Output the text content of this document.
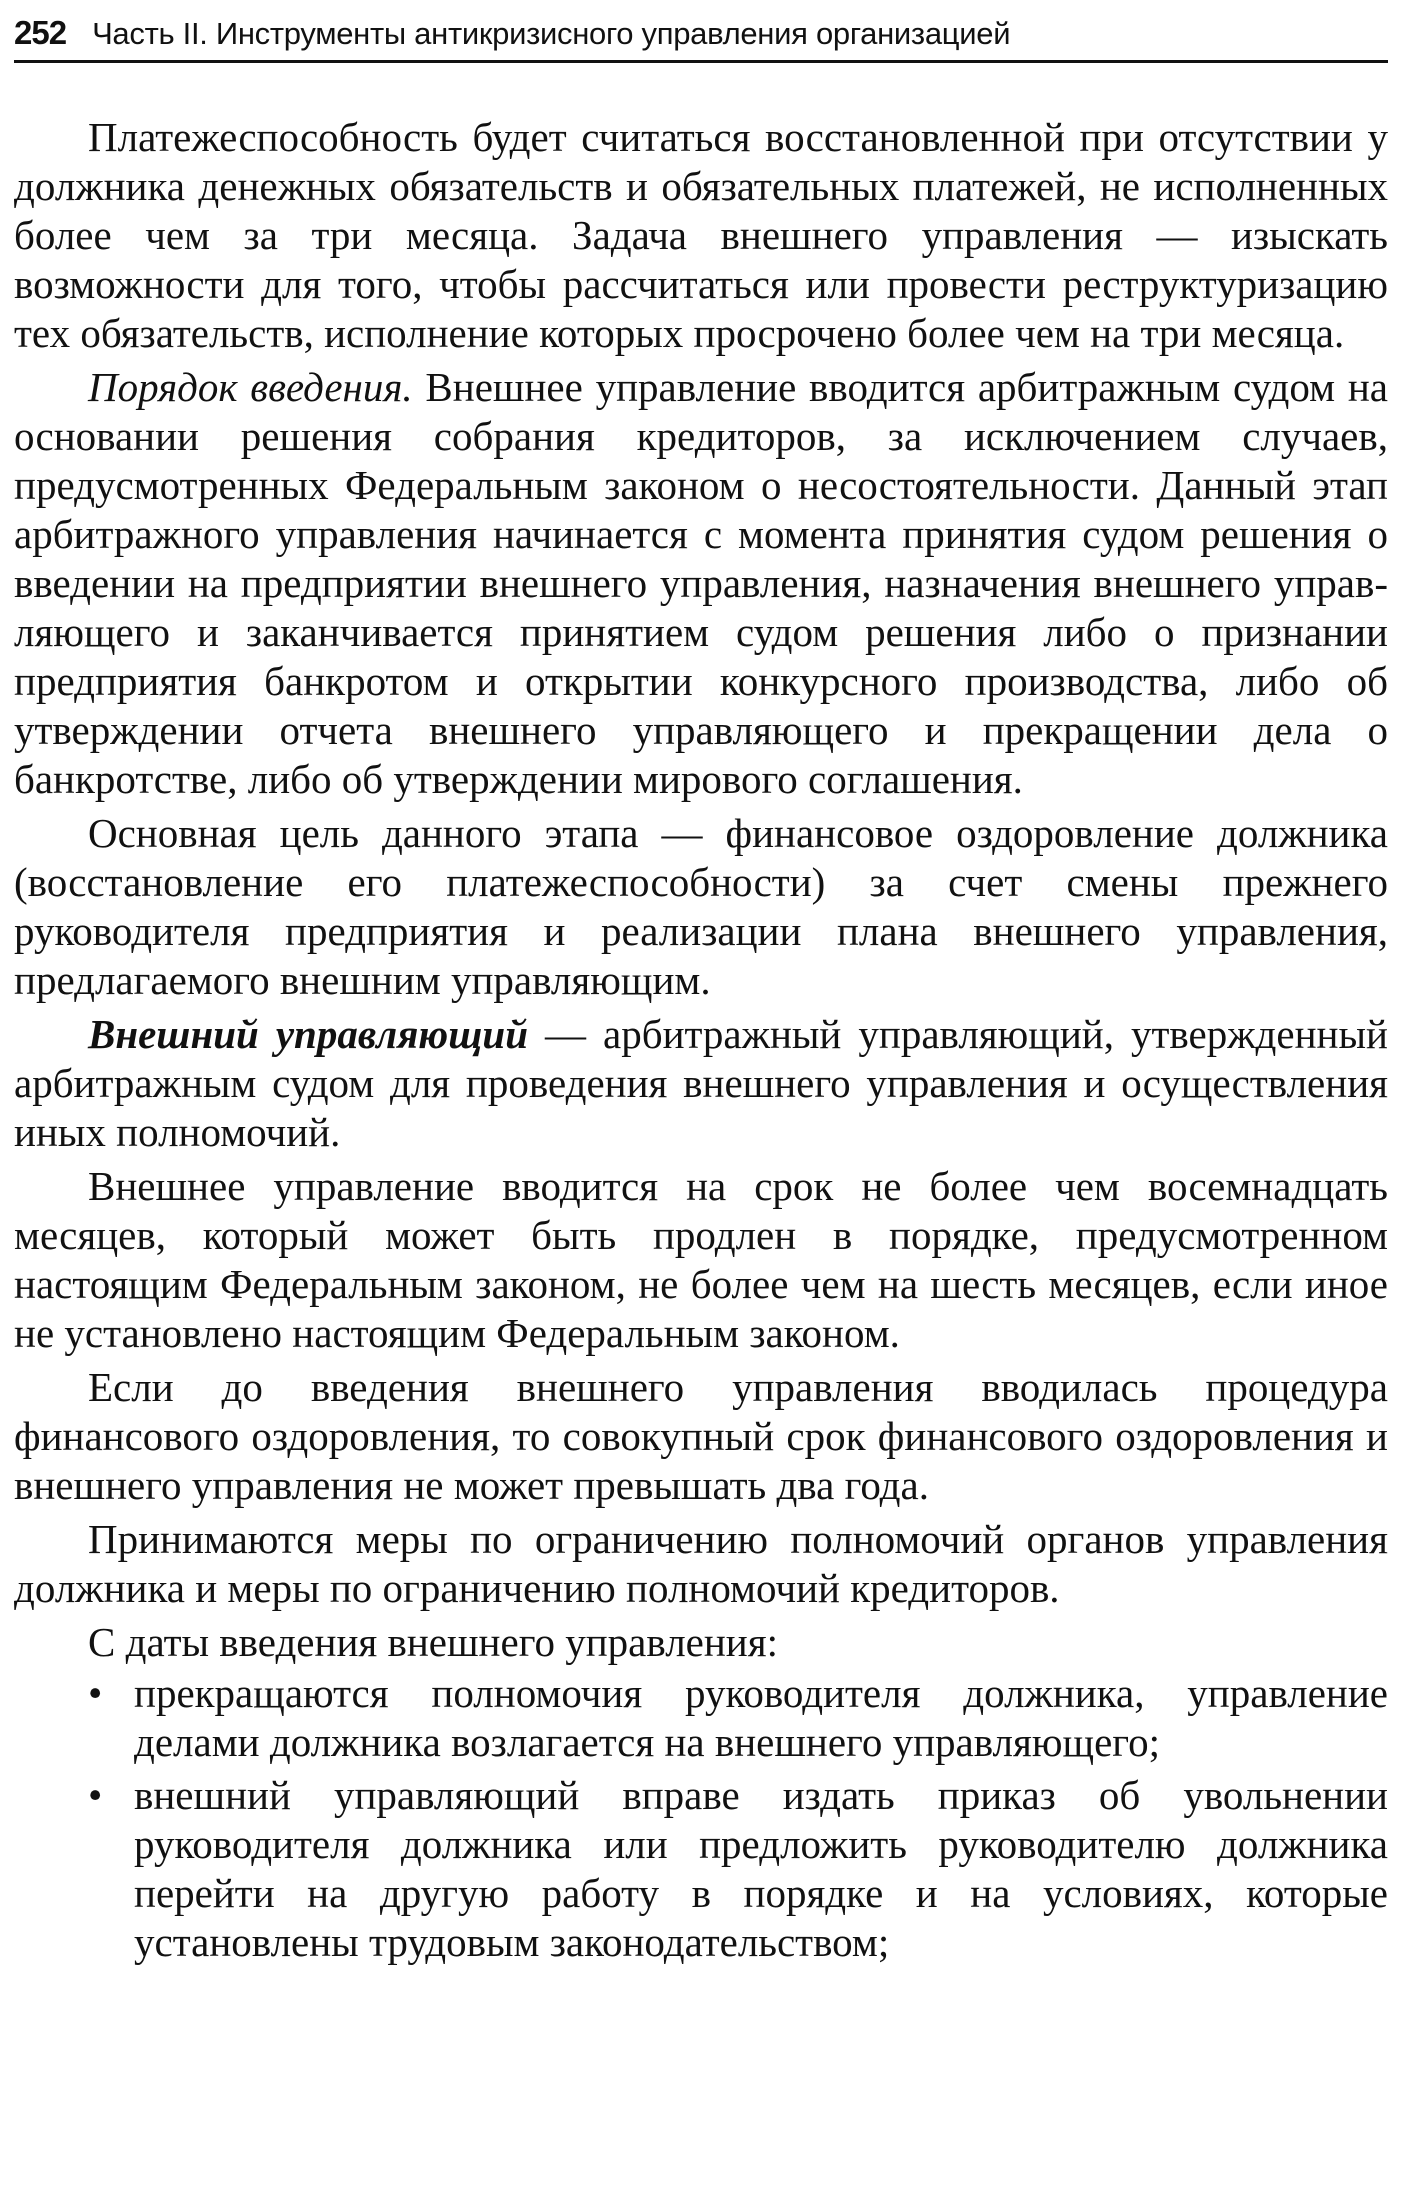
252 Часть II. Инструменты антикризисного управления организацией

Платежеспособность будет считаться восстановленной при отсутствии у должника денежных обязательств и обязательных платежей, не исполненных более чем за три месяца. Задача внешнего управления — изыскать возможности для того, чтобы рассчитаться или провести реструктуризацию тех обязательств, исполнение которых просрочено более чем на три месяца.

Порядок введения. Внешнее управление вводится арбитражным судом на основании решения собрания кредиторов, за исключением случаев, предусмотренных Федеральным законом о несостоятельности. Данный этап арбитражного управления начинается с момента принятия судом решения о введении на предприятии внешнего управления, назначения внешнего управляющего и заканчивается принятием судом решения либо о признании предприятия банкротом и открытии конкурсного производства, либо об утверждении отчета внешнего управляющего и прекращении дела о банкротстве, либо об утверждении мирового соглашения.

Основная цель данного этапа — финансовое оздоровление должника (восстановление его платежеспособности) за счет смены прежнего руководителя предприятия и реализации плана внешнего управления, предлагаемого внешним управляющим.

Внешний управляющий — арбитражный управляющий, утвержденный арбитражным судом для проведения внешнего управления и осуществления иных полномочий.

Внешнее управление вводится на срок не более чем восемнадцать месяцев, который может быть продлен в порядке, предусмотренном настоящим Федеральным законом, не более чем на шесть месяцев, если иное не установлено настоящим Федеральным законом.

Если до введения внешнего управления вводилась процедура финансового оздоровления, то совокупный срок финансового оздоровления и внешнего управления не может превышать два года.

Принимаются меры по ограничению полномочий органов управления должника и меры по ограничению полномочий кредиторов.

С даты введения внешнего управления:

• прекращаются полномочия руководителя должника, управление делами должника возлагается на внешнего управляющего;
• внешний управляющий вправе издать приказ об увольнении руководителя должника или предложить руководителю должника перейти на другую работу в порядке и на условиях, которые установлены трудовым законодательством;
